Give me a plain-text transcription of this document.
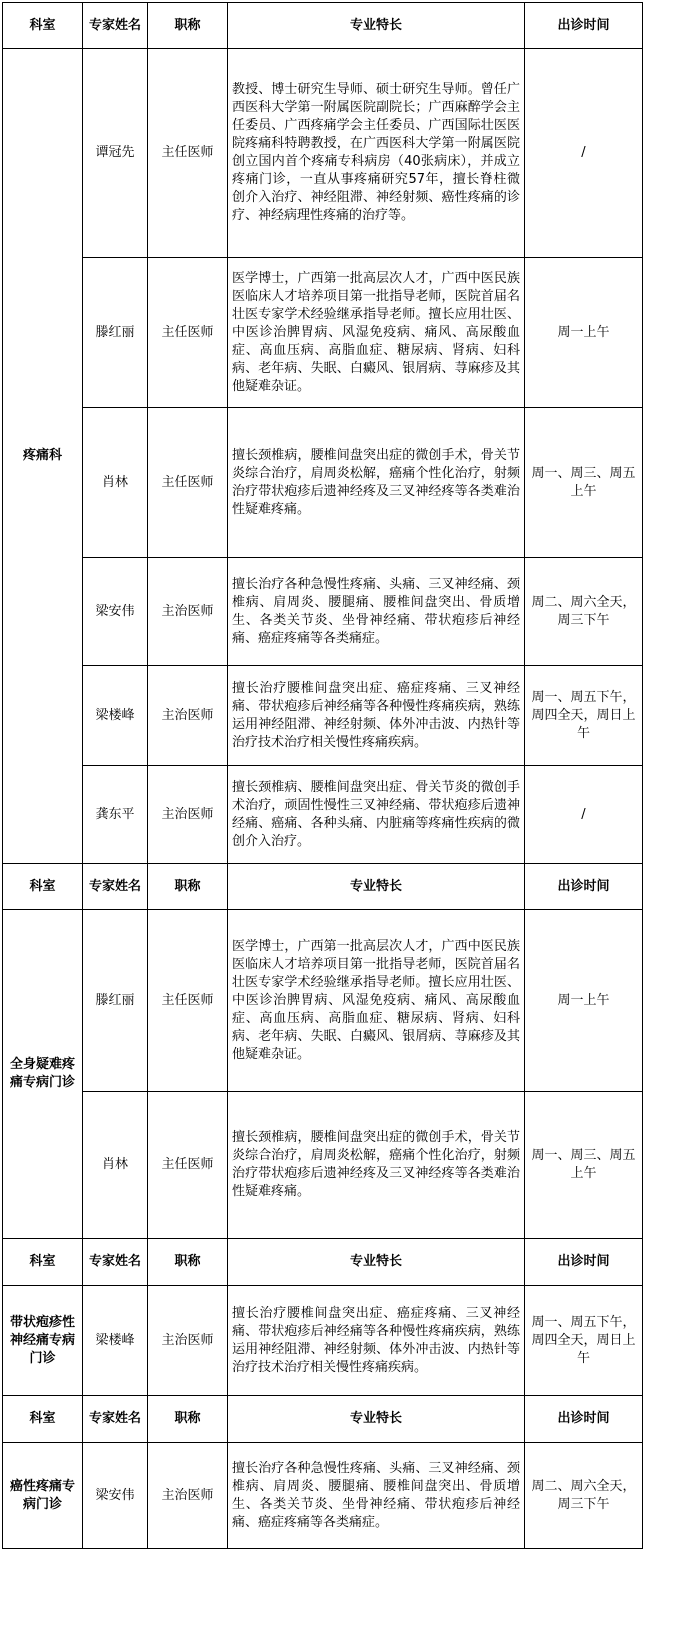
科室	专家姓名	职称	专业特长	出诊时间
疼痛科	谭冠先	主任医师	教授、博士研究生导师、硕士研究生导师。曾任广西医科大学第一附属医院副院长；广西麻醉学会主任委员、广西疼痛学会主任委员、广西国际壮医医院疼痛科特聘教授，在广西医科大学第一附属医院创立国内首个疼痛专科病房（40张病床），并成立疼痛门诊，一直从事疼痛研究57年，擅长脊柱微创介入治疗、神经阻滞、神经射频、癌性疼痛的诊疗、神经病理性疼痛的治疗等。	/
	滕红丽	主任医师	医学博士，广西第一批高层次人才，广西中医民族医临床人才培养项目第一批指导老师，医院首届名壮医专家学术经验继承指导老师。擅长应用壮医、中医诊治脾胃病、风湿免疫病、痛风、高尿酸血症、高血压病、高脂血症、糖尿病、肾病、妇科病、老年病、失眠、白癜风、银屑病、荨麻疹及其他疑难杂证。	周一上午
	肖林	主任医师	擅长颈椎病，腰椎间盘突出症的微创手术，骨关节炎综合治疗，肩周炎松解，癌痛个性化治疗，射频治疗带状疱疹后遗神经疼及三叉神经疼等各类难治性疑难疼痛。	周一、周三、周五上午
	梁安伟	主治医师	擅长治疗各种急慢性疼痛、头痛、三叉神经痛、颈椎病、肩周炎、腰腿痛、腰椎间盘突出、骨质增生、各类关节炎、坐骨神经痛、带状疱疹后神经痛、癌症疼痛等各类痛症。	周二、周六全天，周三下午
	梁楼峰	主治医师	擅长治疗腰椎间盘突出症、癌症疼痛、三叉神经痛、带状疱疹后神经痛等各种慢性疼痛疾病，熟练运用神经阻滞、神经射频、体外冲击波、内热针等治疗技术治疗相关慢性疼痛疾病。	周一、周五下午，周四全天，周日上午
	龚东平	主治医师	擅长颈椎病、腰椎间盘突出症、骨关节炎的微创手术治疗，顽固性慢性三叉神经痛、带状疱疹后遗神经痛、癌痛、各种头痛、内脏痛等疼痛性疾病的微创介入治疗。	/
科室	专家姓名	职称	专业特长	出诊时间
全身疑难疼痛专病门诊	滕红丽	主任医师	医学博士，广西第一批高层次人才，广西中医民族医临床人才培养项目第一批指导老师，医院首届名壮医专家学术经验继承指导老师。擅长应用壮医、中医诊治脾胃病、风湿免疫病、痛风、高尿酸血症、高血压病、高脂血症、糖尿病、肾病、妇科病、老年病、失眠、白癜风、银屑病、荨麻疹及其他疑难杂证。	周一上午
	肖林	主任医师	擅长颈椎病，腰椎间盘突出症的微创手术，骨关节炎综合治疗，肩周炎松解，癌痛个性化治疗，射频治疗带状疱疹后遗神经疼及三叉神经疼等各类难治性疑难疼痛。	周一、周三、周五上午
科室	专家姓名	职称	专业特长	出诊时间
带状疱疹性神经痛专病门诊	梁楼峰	主治医师	擅长治疗腰椎间盘突出症、癌症疼痛、三叉神经痛、带状疱疹后神经痛等各种慢性疼痛疾病，熟练运用神经阻滞、神经射频、体外冲击波、内热针等治疗技术治疗相关慢性疼痛疾病。	周一、周五下午，周四全天，周日上午
科室	专家姓名	职称	专业特长	出诊时间
癌性疼痛专病门诊	梁安伟	主治医师	擅长治疗各种急慢性疼痛、头痛、三叉神经痛、颈椎病、肩周炎、腰腿痛、腰椎间盘突出、骨质增生、各类关节炎、坐骨神经痛、带状疱疹后神经痛、癌症疼痛等各类痛症。	周二、周六全天，周三下午
